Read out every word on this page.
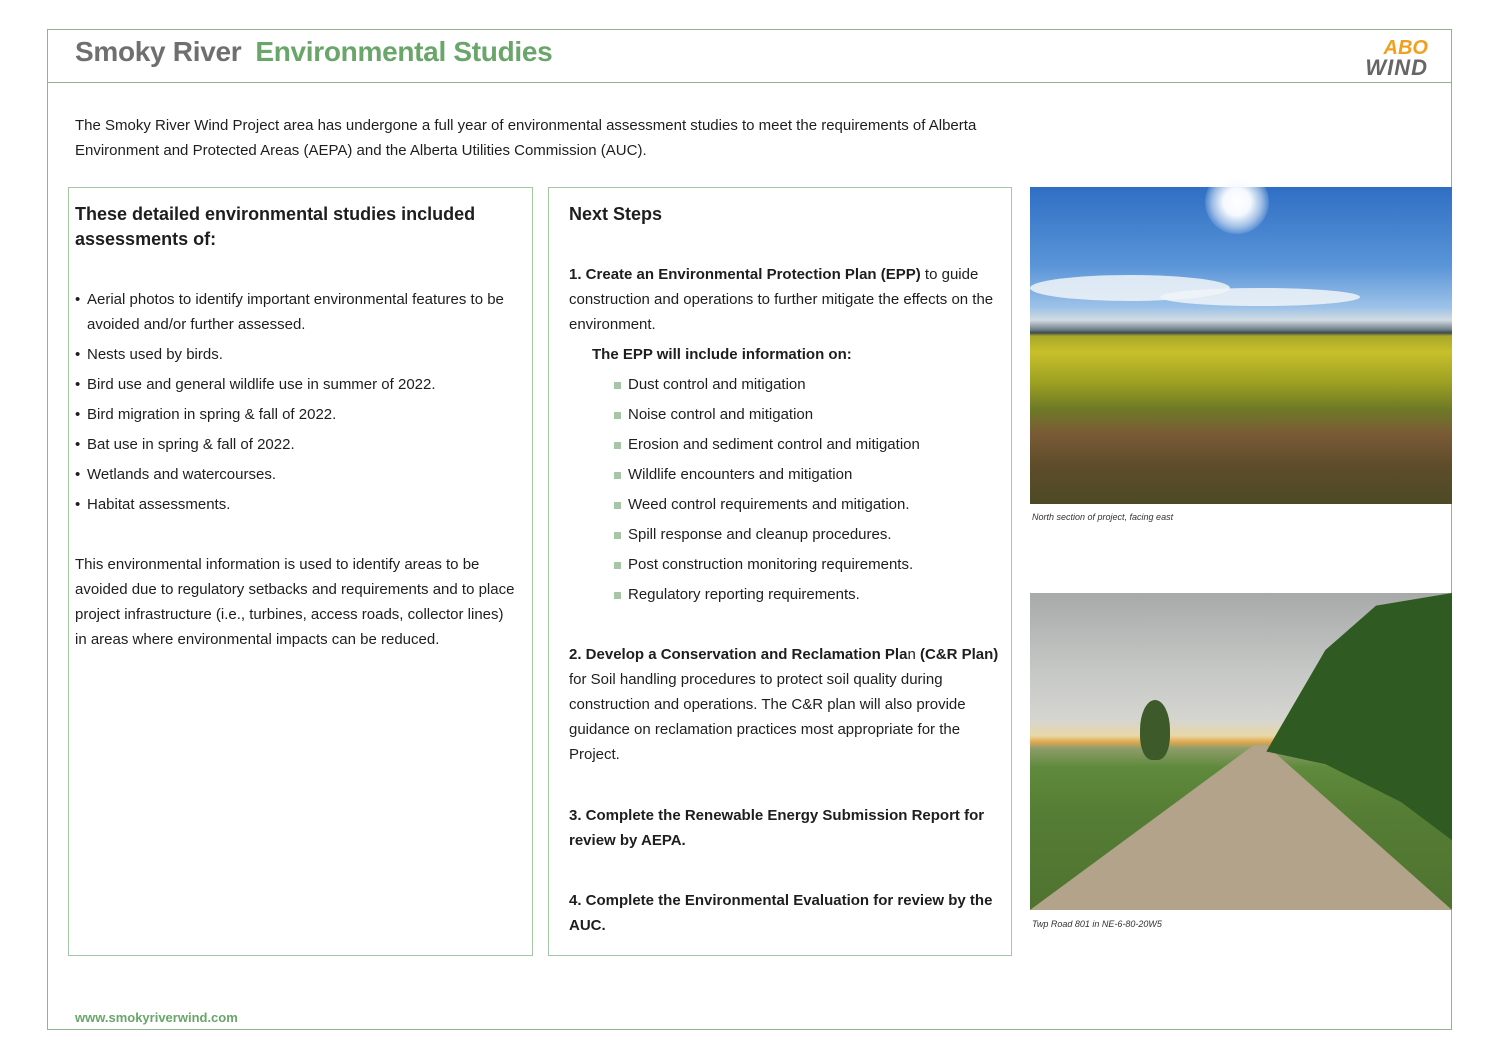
Smoky River Environmental Studies	ABO
WIND
The Smoky River Wind Project area has undergone a full year of environmental assessment studies to meet the requirements of Alberta Environment and Protected Areas (AEPA) and the Alberta Utilities Commission (AUC).
These detailed environmental studies included assessments of:
• Aerial photos to identify important environmental features to be avoided and/or further assessed.
• Nests used by birds.
• Bird use and general wildlife use in summer of 2022.
• Bird migration in spring & fall of 2022.
• Bat use in spring & fall of 2022.
• Wetlands and watercourses.
• Habitat assessments.
This environmental information is used to identify areas to be avoided due to regulatory setbacks and requirements and to place project infrastructure (i.e., turbines, access roads, collector lines) in areas where environmental impacts can be reduced.
Next Steps
1. Create an Environmental Protection Plan (EPP) to guide construction and operations to further mitigate the effects on the environment.
The EPP will include information on:
Dust control and mitigation
Noise control and mitigation
Erosion and sediment control and mitigation
Wildlife encounters and mitigation
Weed control requirements and mitigation.
Spill response and cleanup procedures.
Post construction monitoring requirements.
Regulatory reporting requirements.
2. Develop a Conservation and Reclamation Plan (C&R Plan)
for Soil handling procedures to protect soil quality during construction and operations. The C&R plan will also provide guidance on reclamation practices most appropriate for the Project.
3. Complete the Renewable Energy Submission Report for review by AEPA.
4. Complete the Environmental Evaluation for review by the AUC.
North section of project, facing east
Twp Road 801 in NE-6-80-20W5
www.smokyriverwind.com
